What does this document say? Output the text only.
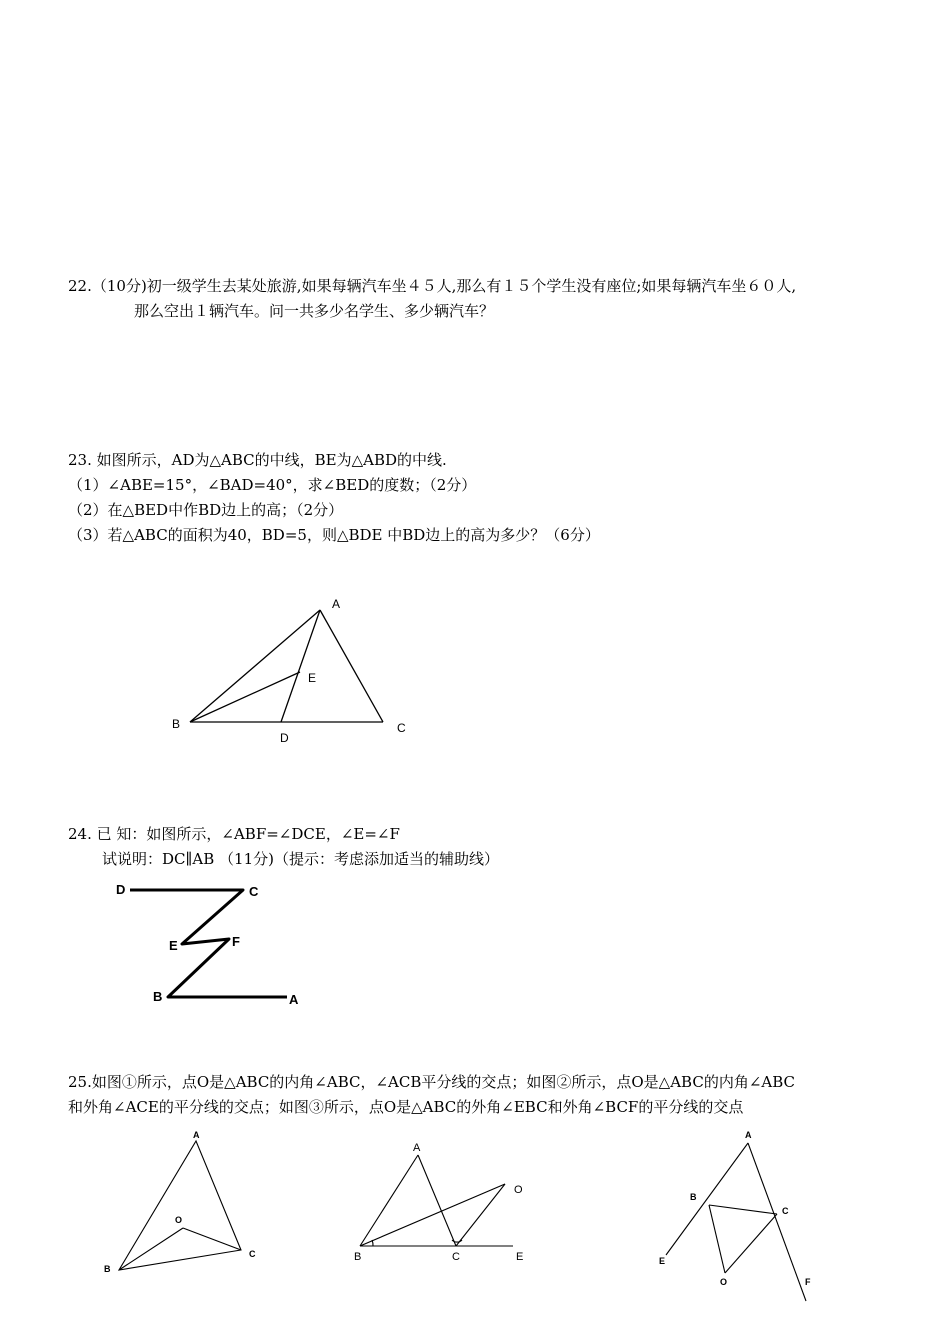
22.（10分)初一级学生去某处旅游,如果每辆汽车坐４５人,那么有１５个学生没有座位;如果每辆汽车坐６０人,
那么空出１辆汽车。问一共多少名学生、多少辆汽车？
23. 如图所示，AD为△ABC的中线，BE为△ABD的中线.
（1）∠ABE=15°，∠BAD=40°，求∠BED的度数；（2分）
（2）在△BED中作BD边上的高；（2分）
（3）若△ABC的面积为40，BD=5，则△BDE 中BD边上的高为多少？（6分）
A
B	C
D
E
24. 已 知：如图所示，∠ABF=∠DCE，∠E=∠F
试说明：DC∥AB （11分)（提示：考虑添加适当的辅助线）
D	C
E	F
B	A
25.如图①所示，点O是△ABC的内角∠ABC，∠ACB平分线的交点；如图②所示，点O是△ABC的内角∠ABC
和外角∠ACE的平分线的交点；如图③所示，点O是△ABC的外角∠EBC和外角∠BCF的平分线的交点
A
O
B
C
A
O
B	C	E
A
B
C
E
O	F
